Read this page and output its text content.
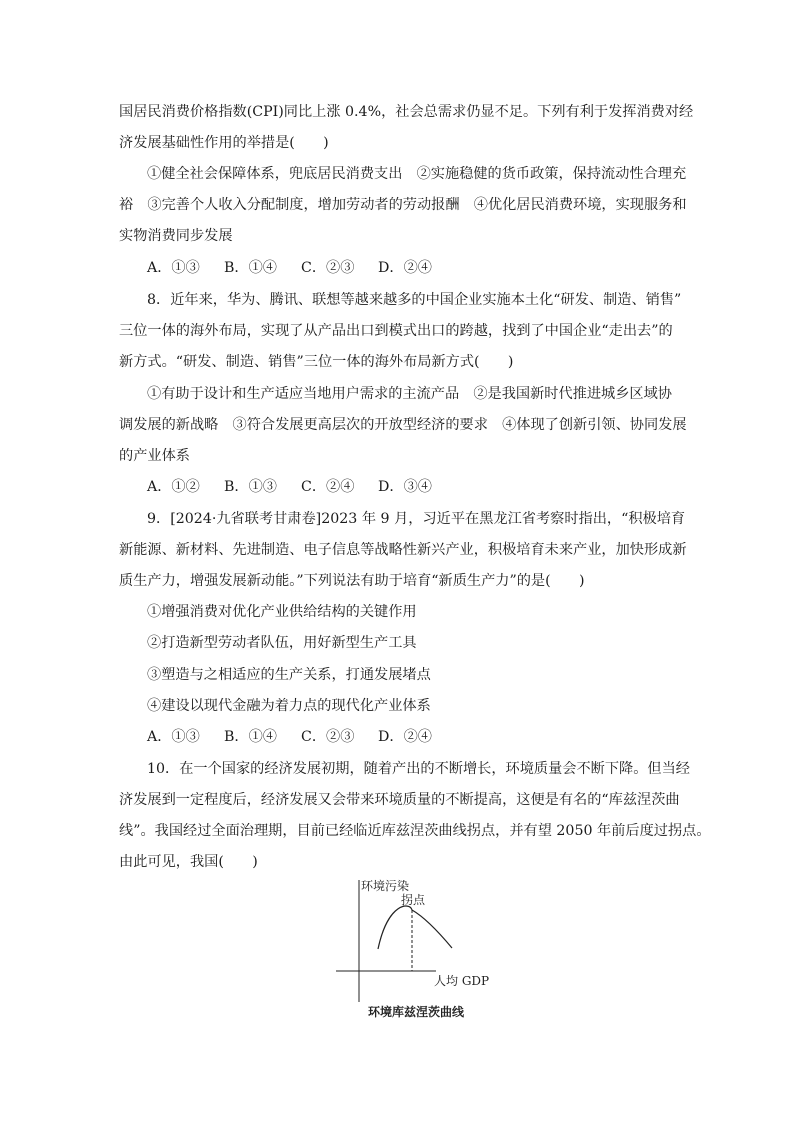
国居民消费价格指数(CPI)同比上涨 0.4%，社会总需求仍显不足。下列有利于发挥消费对经
济发展基础性作用的举措是(　　)
①健全社会保障体系，兜底居民消费支出　②实施稳健的货币政策，保持流动性合理充
裕　③完善个人收入分配制度，增加劳动者的劳动报酬　④优化居民消费环境，实现服务和
实物消费同步发展
A．①③	B．①④	C．②③	D．②④
8．近年来，华为、腾讯、联想等越来越多的中国企业实施本土化“研发、制造、销售”
三位一体的海外布局，实现了从产品出口到模式出口的跨越，找到了中国企业“走出去”的
新方式。“研发、制造、销售”三位一体的海外布局新方式(　　)
①有助于设计和生产适应当地用户需求的主流产品　②是我国新时代推进城乡区域协
调发展的新战略　③符合发展更高层次的开放型经济的要求　④体现了创新引领、协同发展
的产业体系
A．①②	B．①③	C．②④	D．③④
9．[2024·九省联考甘肃卷]2023 年 9 月，习近平在黑龙江省考察时指出，“积极培育
新能源、新材料、先进制造、电子信息等战略性新兴产业，积极培育未来产业，加快形成新
质生产力，增强发展新动能。”下列说法有助于培育“新质生产力”的是(　　)
①增强消费对优化产业供给结构的关键作用
②打造新型劳动者队伍，用好新型生产工具
③塑造与之相适应的生产关系，打通发展堵点
④建设以现代金融为着力点的现代化产业体系
A．①③	B．①④	C．②③	D．②④
10．在一个国家的经济发展初期，随着产出的不断增长，环境质量会不断下降。但当经
济发展到一定程度后，经济发展又会带来环境质量的不断提高，这便是有名的“库兹涅茨曲
线”。我国经过全面治理期，目前已经临近库兹涅茨曲线拐点，并有望 2050 年前后度过拐点。
由此可见，我国(　　)
环境污染
拐点
人均 GDP
环境库兹涅茨曲线
